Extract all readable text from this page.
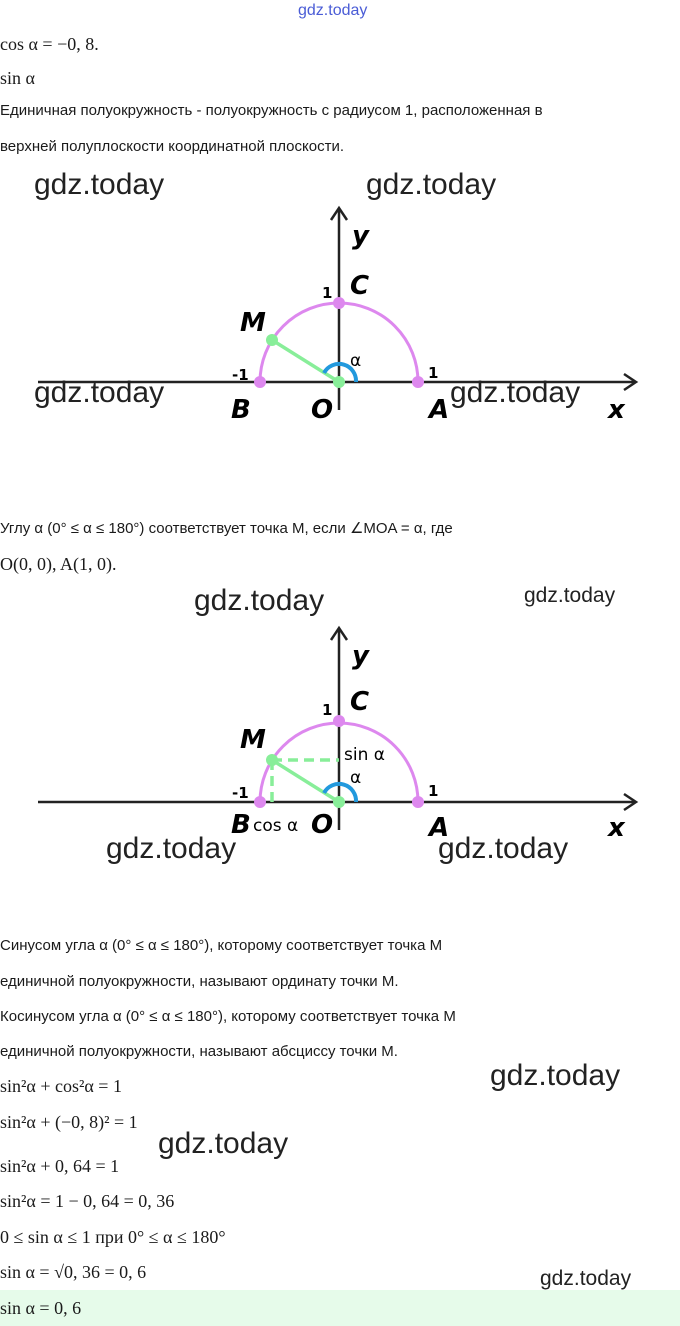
gdz.today
cos α = −0, 8.
sin α
Единичная полуокружность - полуокружность с радиусом 1, расположенная в
верхней полуплоскости координатной плоскости.
y
x
C
1
M
α
-1	1
B O	A
gdz.today	gdz.today
gdz.today	gdz.today
Углу α (0° ≤ α ≤ 180°) соответствует точка M, если ∠MOA = α, где
O(0, 0), A(1, 0).
y
x
C
1
M	sin α
α
-1	1
B cos α O	A
gdz.today	gdz.today
gdz.today	gdz.today
Синусом угла α (0° ≤ α ≤ 180°), которому соответствует точка M
единичной полуокружности, называют ординату точки M.
Косинусом угла α (0° ≤ α ≤ 180°), которому соответствует точка M
единичной полуокружности, называют абсциссу точки M.
sin²α + cos²α = 1
sin²α + (−0, 8)² = 1
sin²α + 0, 64 = 1
sin²α = 1 − 0, 64 = 0, 36
0 ≤ sin α ≤ 1 при 0° ≤ α ≤ 180°
sin α = √0, 36 = 0, 6
sin α = 0, 6
gdz.today
gdz.today
gdz.today
